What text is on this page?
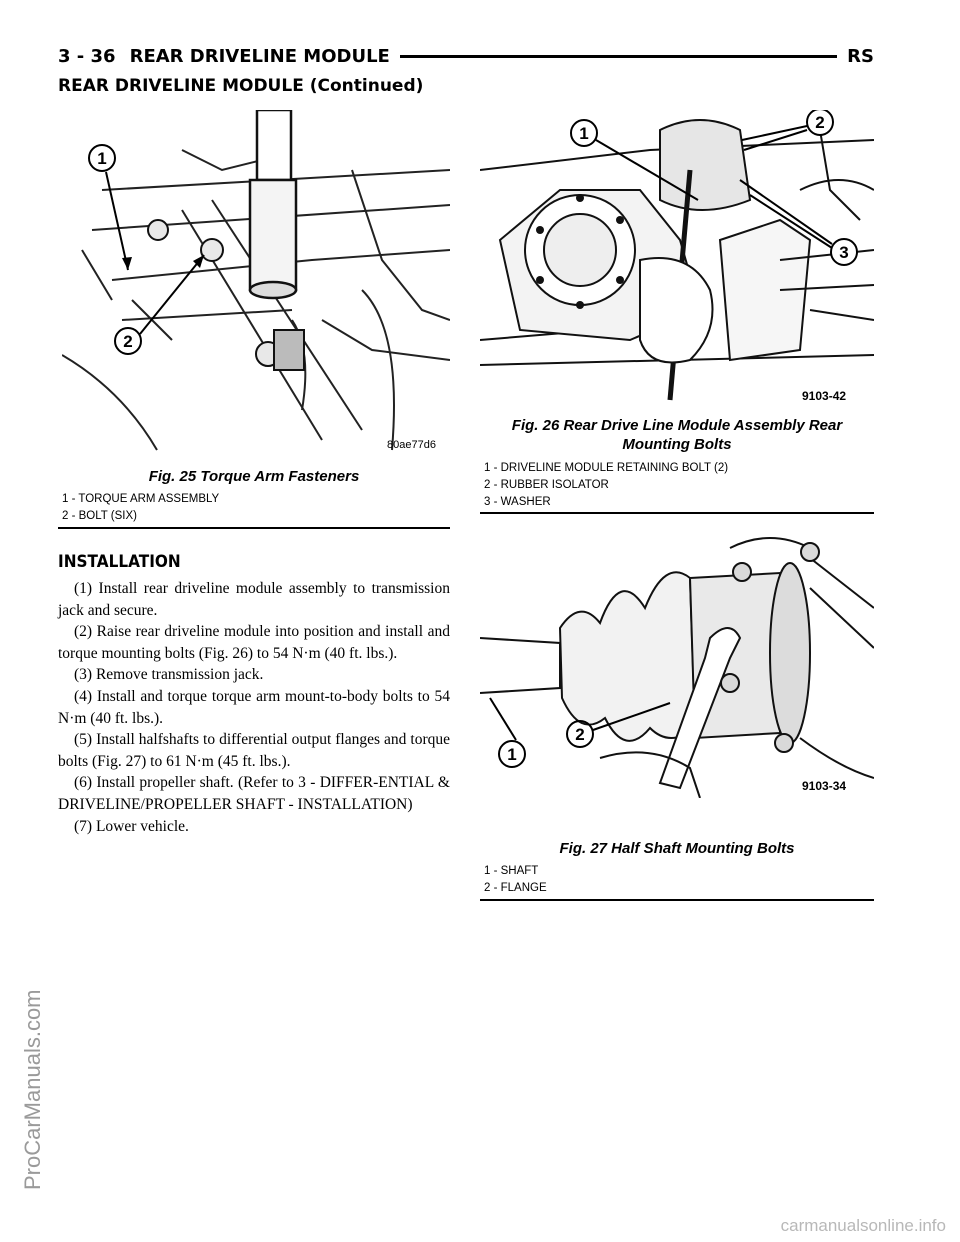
3 - 36 REAR DRIVELINE MODULE	RS
REAR DRIVELINE MODULE (Continued)
1
2
80ae77d6
Fig. 25 Torque Arm Fasteners
1 - TORQUE ARM ASSEMBLY
2 - BOLT (SIX)
INSTALLATION

(1) Install rear driveline module assembly to transmission jack and secure.

(2) Raise rear driveline module into position and install and torque mounting bolts (Fig. 26) to 54 N·m (40 ft. lbs.).

(3) Remove transmission jack.

(4) Install and torque torque arm mount-to-body bolts to 54 N·m (40 ft. lbs.).

(5) Install halfshafts to differential output flanges and torque bolts (Fig. 27) to 61 N·m (45 ft. lbs.).

(6) Install propeller shaft. (Refer to 3 - DIFFER-ENTIAL & DRIVELINE/PROPELLER SHAFT - INSTALLATION)

(7) Lower vehicle.

1
2
3
9103-42
Fig. 26 Rear Drive Line Module Assembly Rear
Mounting Bolts
1 - DRIVELINE MODULE RETAINING BOLT (2)
2 - RUBBER ISOLATOR
3 - WASHER
1
2
9103-34
Fig. 27 Half Shaft Mounting Bolts
1 - SHAFT
2 - FLANGE
ProCarManuals.com
carmanualsonline.info
